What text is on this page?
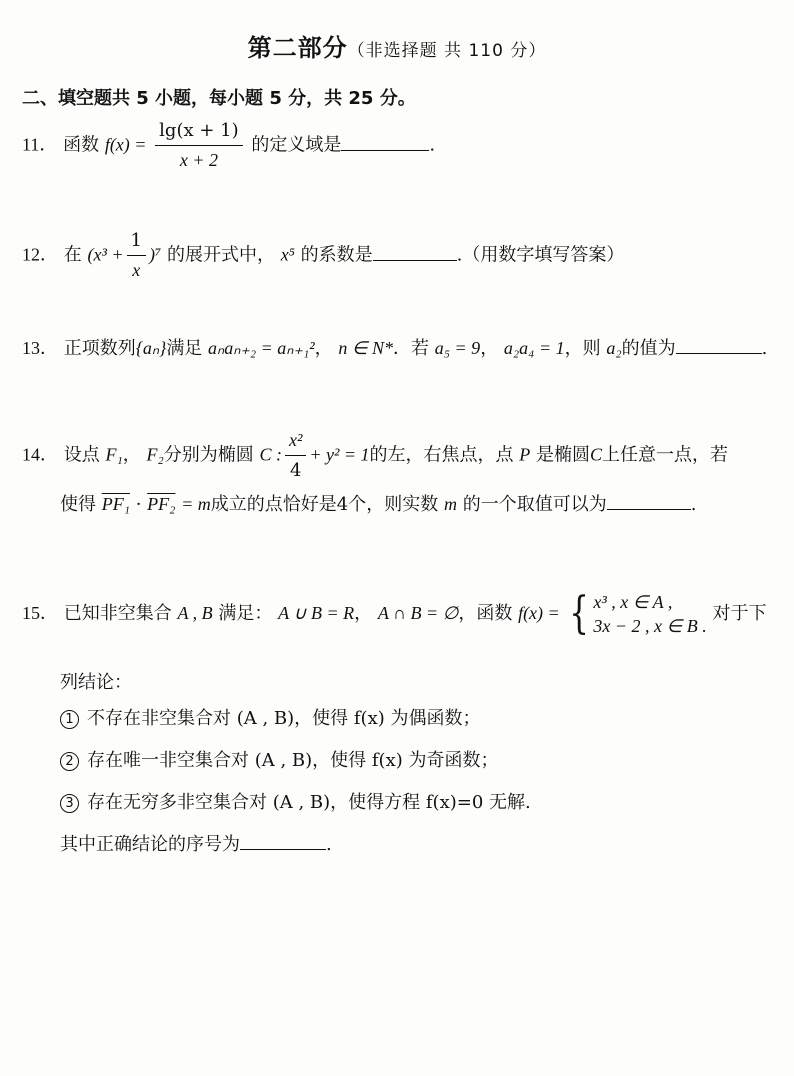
第二部分（非选择题 共 110 分）
二、填空题共 5 小题，每小题 5 分，共 25 分。
11． 函数 $f(x) = \frac{\lg(x + 1)}{x + 2}$ 的定义域是	.
12． 在 $(x^3 + \frac{1}{x} )^7$ 的展开式中， x⁵ 的系数是	.（用数字填写答案）
13． 正项数列{aₙ}满足 aₙaₙ₊₂ = aₙ₊₁²， n ∈ N*．若 a₅ = 9， a₂a₄ = 1，则 a₂的值为	.
14． 设点 F₁， F₂分别为椭圆 C : $\frac{\text{x²}}{4} + y^2 = 1$的左，右焦点，点 P 是椭圆C上任意一点，若
使得 PF₁ · PF₂ = m成立的点恰好是4个，则实数 m 的一个取值可以为	.
15． 已知非空集合 A , B 满足： A ∪ B = R， A ∩ B = ∅，函数 f(x) = { x³ , x ∈ A ,
3x − 2 , x ∈ B .
对于下
列结论：
1 不存在非空集合对 (A , B)，使得 f(x) 为偶函数；
2 存在唯一非空集合对 (A , B)，使得 f(x) 为奇函数；
3 存在无穷多非空集合对 (A , B)，使得方程 f(x)=0 无解.
其中正确结论的序号为	.
